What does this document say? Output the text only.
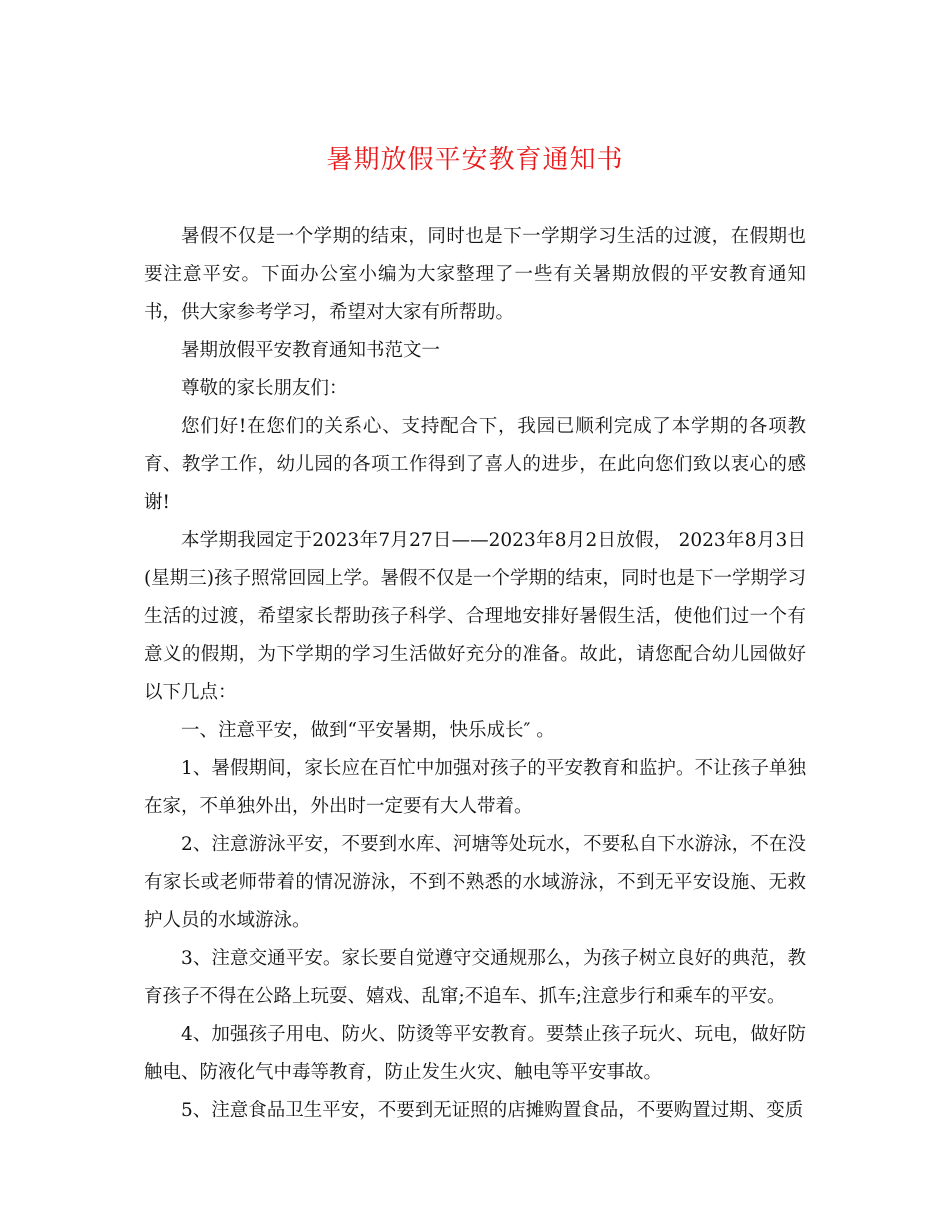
暑期放假平安教育通知书

暑假不仅是一个学期的结束，同时也是下一学期学习生活的过渡，在假期也要注意平安。下面办公室小编为大家整理了一些有关暑期放假的平安教育通知书，供大家参考学习，希望对大家有所帮助。

暑期放假平安教育通知书范文一

尊敬的家长朋友们：

您们好!在您们的关系心、支持配合下，我园已顺利完成了本学期的各项教育、教学工作，幼儿园的各项工作得到了喜人的进步，在此向您们致以衷心的感谢!

本学期我园定于2023年7月27日——2023年8月2日放假， 2023年8月3日(星期三)孩子照常回园上学。暑假不仅是一个学期的结束，同时也是下一学期学习生活的过渡，希望家长帮助孩子科学、合理地安排好暑假生活，使他们过一个有意义的假期，为下学期的学习生活做好充分的准备。故此，请您配合幼儿园做好以下几点：

一、注意平安，做到“平安暑期，快乐成长″ 。

1、暑假期间，家长应在百忙中加强对孩子的平安教育和监护。不让孩子单独在家，不单独外出，外出时一定要有大人带着。

2、注意游泳平安，不要到水库、河塘等处玩水，不要私自下水游泳，不在没有家长或老师带着的情况游泳，不到不熟悉的水域游泳，不到无平安设施、无救护人员的水域游泳。

3、注意交通平安。家长要自觉遵守交通规那么，为孩子树立良好的典范，教育孩子不得在公路上玩耍、嬉戏、乱窜;不追车、抓车;注意步行和乘车的平安。

4、加强孩子用电、防火、防烫等平安教育。要禁止孩子玩火、玩电，做好防触电、防液化气中毒等教育，防止发生火灾、触电等平安事故。

5、注意食品卫生平安，不要到无证照的店摊购置食品，不要购置过期、变质
